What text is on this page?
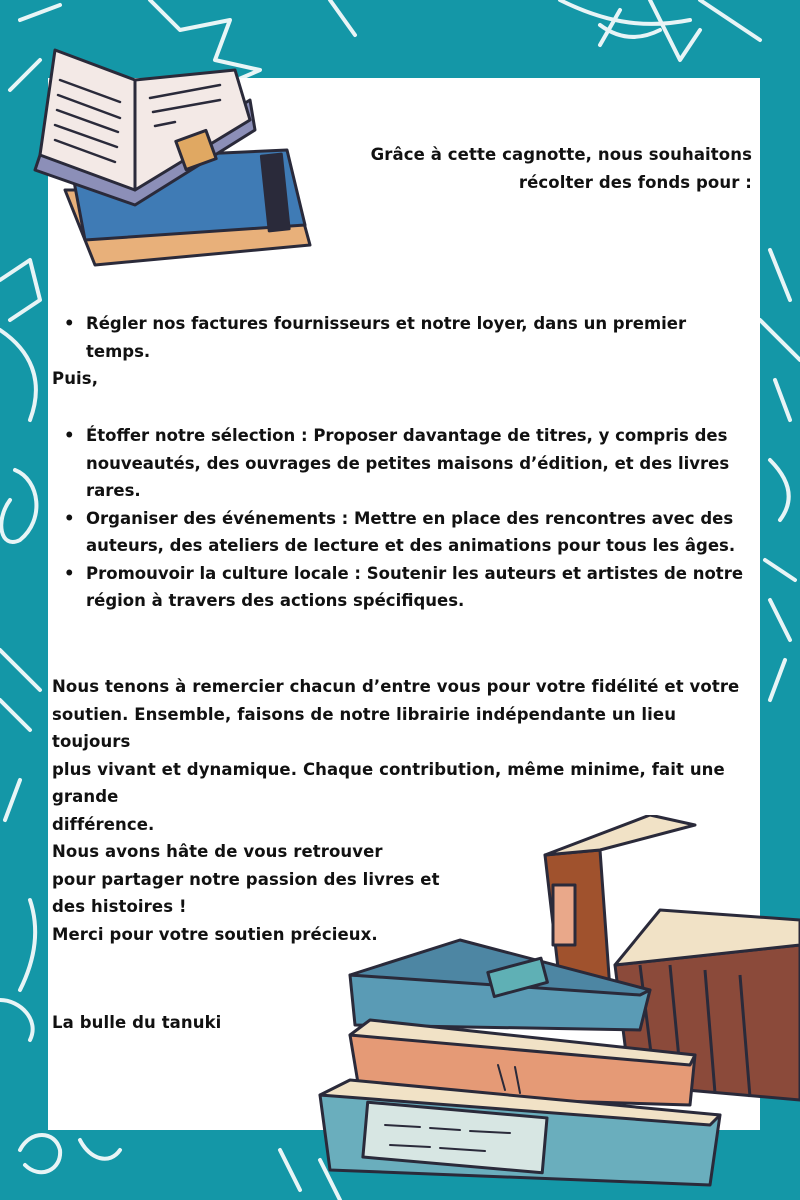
Grâce à cette cagnotte, nous souhaitons
récolter des fonds pour :
• Régler nos factures fournisseurs et notre loyer, dans un premier temps.
Puis,
• Étoffer notre sélection : Proposer davantage de titres, y compris des nouveautés, des ouvrages de petites maisons d’édition, et des livres rares.
• Organiser des événements : Mettre en place des rencontres avec des auteurs, des ateliers de lecture et des animations pour tous les âges.
• Promouvoir la culture locale : Soutenir les auteurs et artistes de notre région à travers des actions spécifiques.
Nous tenons à remercier chacun d’entre vous pour votre fidélité et votre
soutien. Ensemble, faisons de notre librairie indépendante un lieu toujours
plus vivant et dynamique. Chaque contribution, même minime, fait une
grande
différence.
Nous avons hâte de vous retrouver
pour partager notre passion des livres et
des histoires !
Merci pour votre soutien précieux.
La bulle du tanuki
